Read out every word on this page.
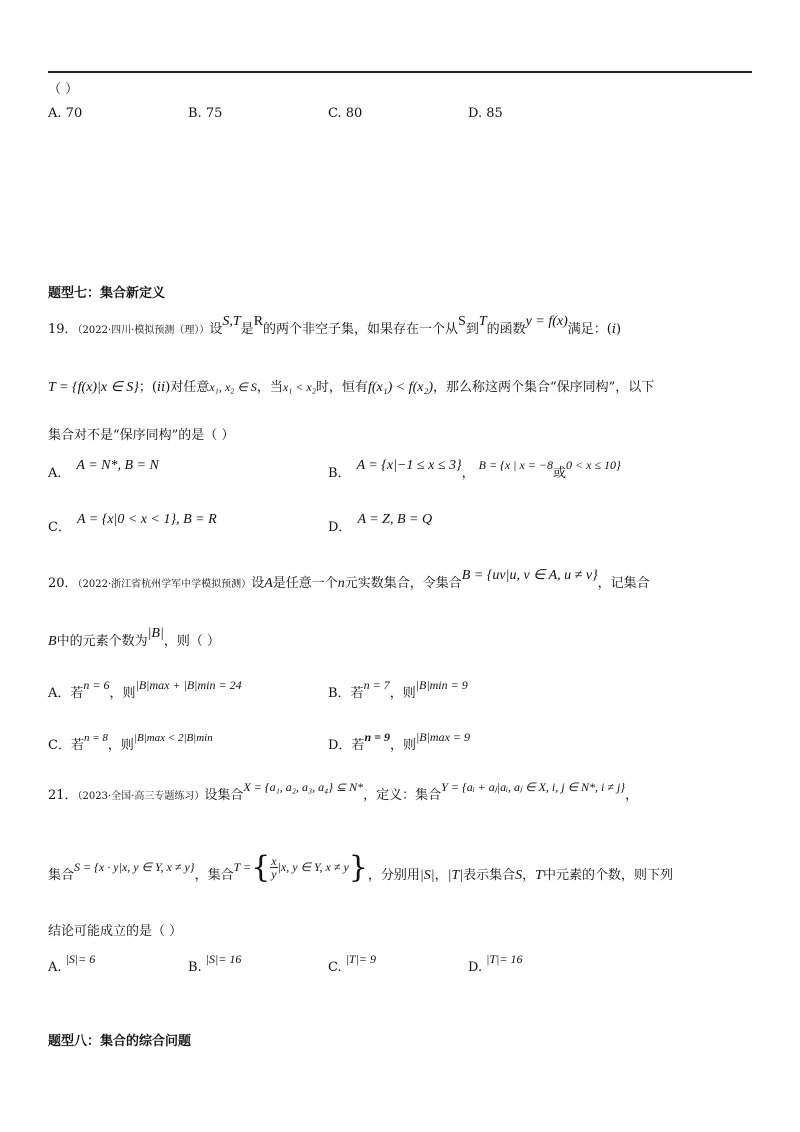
（ ）
A. 70	B. 75	C. 80	D. 85
题型七：集合新定义
19．（2022·四川·模拟预测（理））设S,T是R的两个非空子集，如果存在一个从S到T的函数y = f(x)满足：(i)
T = {f(x)|x ∈ S}；(ii)对任意x₁, x₂ ∈ S，当x₁ < x₂时，恒有f(x₁) < f(x₂)，那么称这两个集合“保序同构”，以下
集合对不是“保序同构”的是（ ）
A．A = N*, B = N
B．A = {x|−1 ≤ x ≤ 3}，B = {x | x = −8或0 < x ≤ 10}
C．A = {x|0 < x < 1}, B = R
D．A = Z, B = Q
20．（2022·浙江省杭州学军中学模拟预测）设A是任意一个n元实数集合，令集合B = {uv|u, v ∈ A, u ≠ v}，记集合
B中的元素个数为|B|，则（ ）
A．若n = 6，则|B|max + |B|min = 24
B．若n = 7，则|B|min = 9
C．若$^{n = 8}$，则$^{|B|max < 2|B|min}$	D．若n = 9，则|B|max = 9
21．（2023·全国·高三专题练习）设集合X = {a₁, a₂, a₃, a₄} ⊆ N*，定义：集合Y = {aᵢ + aⱼ|aᵢ, aⱼ ∈ X, i, j ∈ N*, i ≠ j}，
集合S = {x · y|x, y ∈ Y, x ≠ y}，集合T ={ $\frac{x}{y} |x$, y ∈ Y, x ≠ y}，分别用|S|，|T|表示集合S，T中元素的个数，则下列
结论可能成立的是（ ）
A.|S|= 6
B.|S|= 16
C.|T|= 9
D.|T|= 16
题型八：集合的综合问题
